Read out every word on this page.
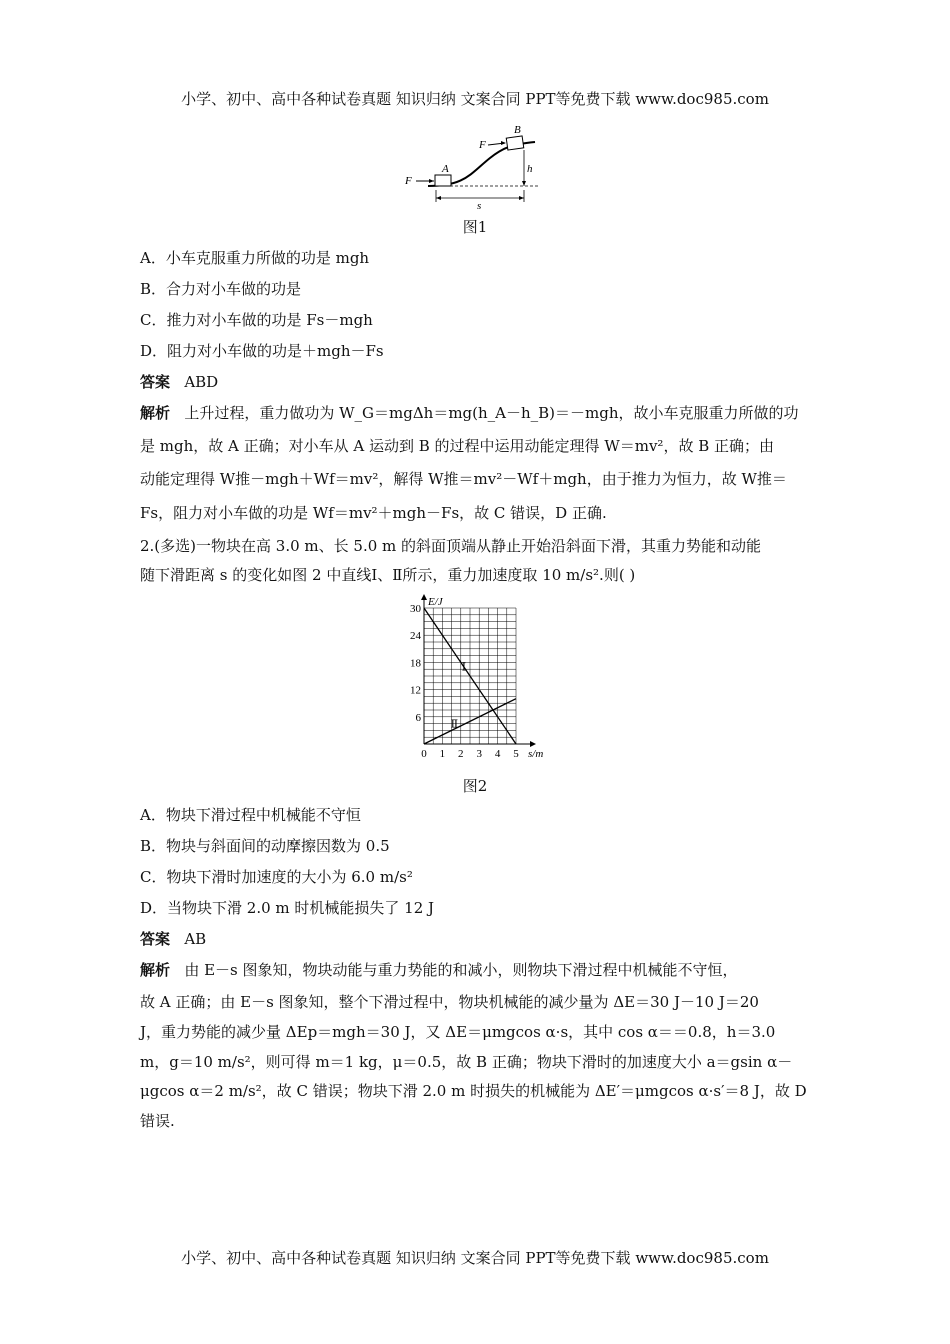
小学、初中、高中各种试卷真题 知识归纳 文案合同 PPT等免费下载 www.doc985.com
F
F
A
B
h
s
图1
A．小车克服重力所做的功是 mgh
B．合力对小车做的功是
C．推力对小车做的功是 Fs－mgh
D．阻力对小车做的功是＋mgh－Fs
答案 ABD
解析 上升过程，重力做功为 W_G＝mgΔh＝mg(h_A－h_B)＝－mgh，故小车克服重力所做的功
是 mgh，故 A 正确；对小车从 A 运动到 B 的过程中运用动能定理得 W＝mv²，故 B 正确；由
动能定理得 W推－mgh＋Wf＝mv²，解得 W推＝mv²－Wf＋mgh，由于推力为恒力，故 W推＝
Fs，阻力对小车做的功是 Wf＝mv²＋mgh－Fs，故 C 错误，D 正确.
2.(多选)一物块在高 3.0 m、长 5.0 m 的斜面顶端从静止开始沿斜面下滑，其重力势能和动能
随下滑距离 s 的变化如图 2 中直线Ⅰ、Ⅱ所示，重力加速度取 10 m/s².则( )
0 1 2 3 4 5
6
12
18
24
30
s/m
E/J
Ⅰ
Ⅱ
图2
A．物块下滑过程中机械能不守恒
B．物块与斜面间的动摩擦因数为 0.5
C．物块下滑时加速度的大小为 6.0 m/s²
D．当物块下滑 2.0 m 时机械能损失了 12 J
答案 AB
解析 由 E－s 图象知，物块动能与重力势能的和减小，则物块下滑过程中机械能不守恒，
故 A 正确；由 E－s 图象知，整个下滑过程中，物块机械能的减少量为 ΔE＝30 J－10 J＝20
J，重力势能的减少量 ΔEp＝mgh＝30 J，又 ΔE＝μmgcos α·s，其中 cos α＝＝0.8，h＝3.0
m，g＝10 m/s²，则可得 m＝1 kg，μ＝0.5，故 B 正确；物块下滑时的加速度大小 a＝gsin α－
μgcos α＝2 m/s²，故 C 错误；物块下滑 2.0 m 时损失的机械能为 ΔE′＝μmgcos α·s′＝8 J，故 D
错误.
小学、初中、高中各种试卷真题 知识归纳 文案合同 PPT等免费下载 www.doc985.com
